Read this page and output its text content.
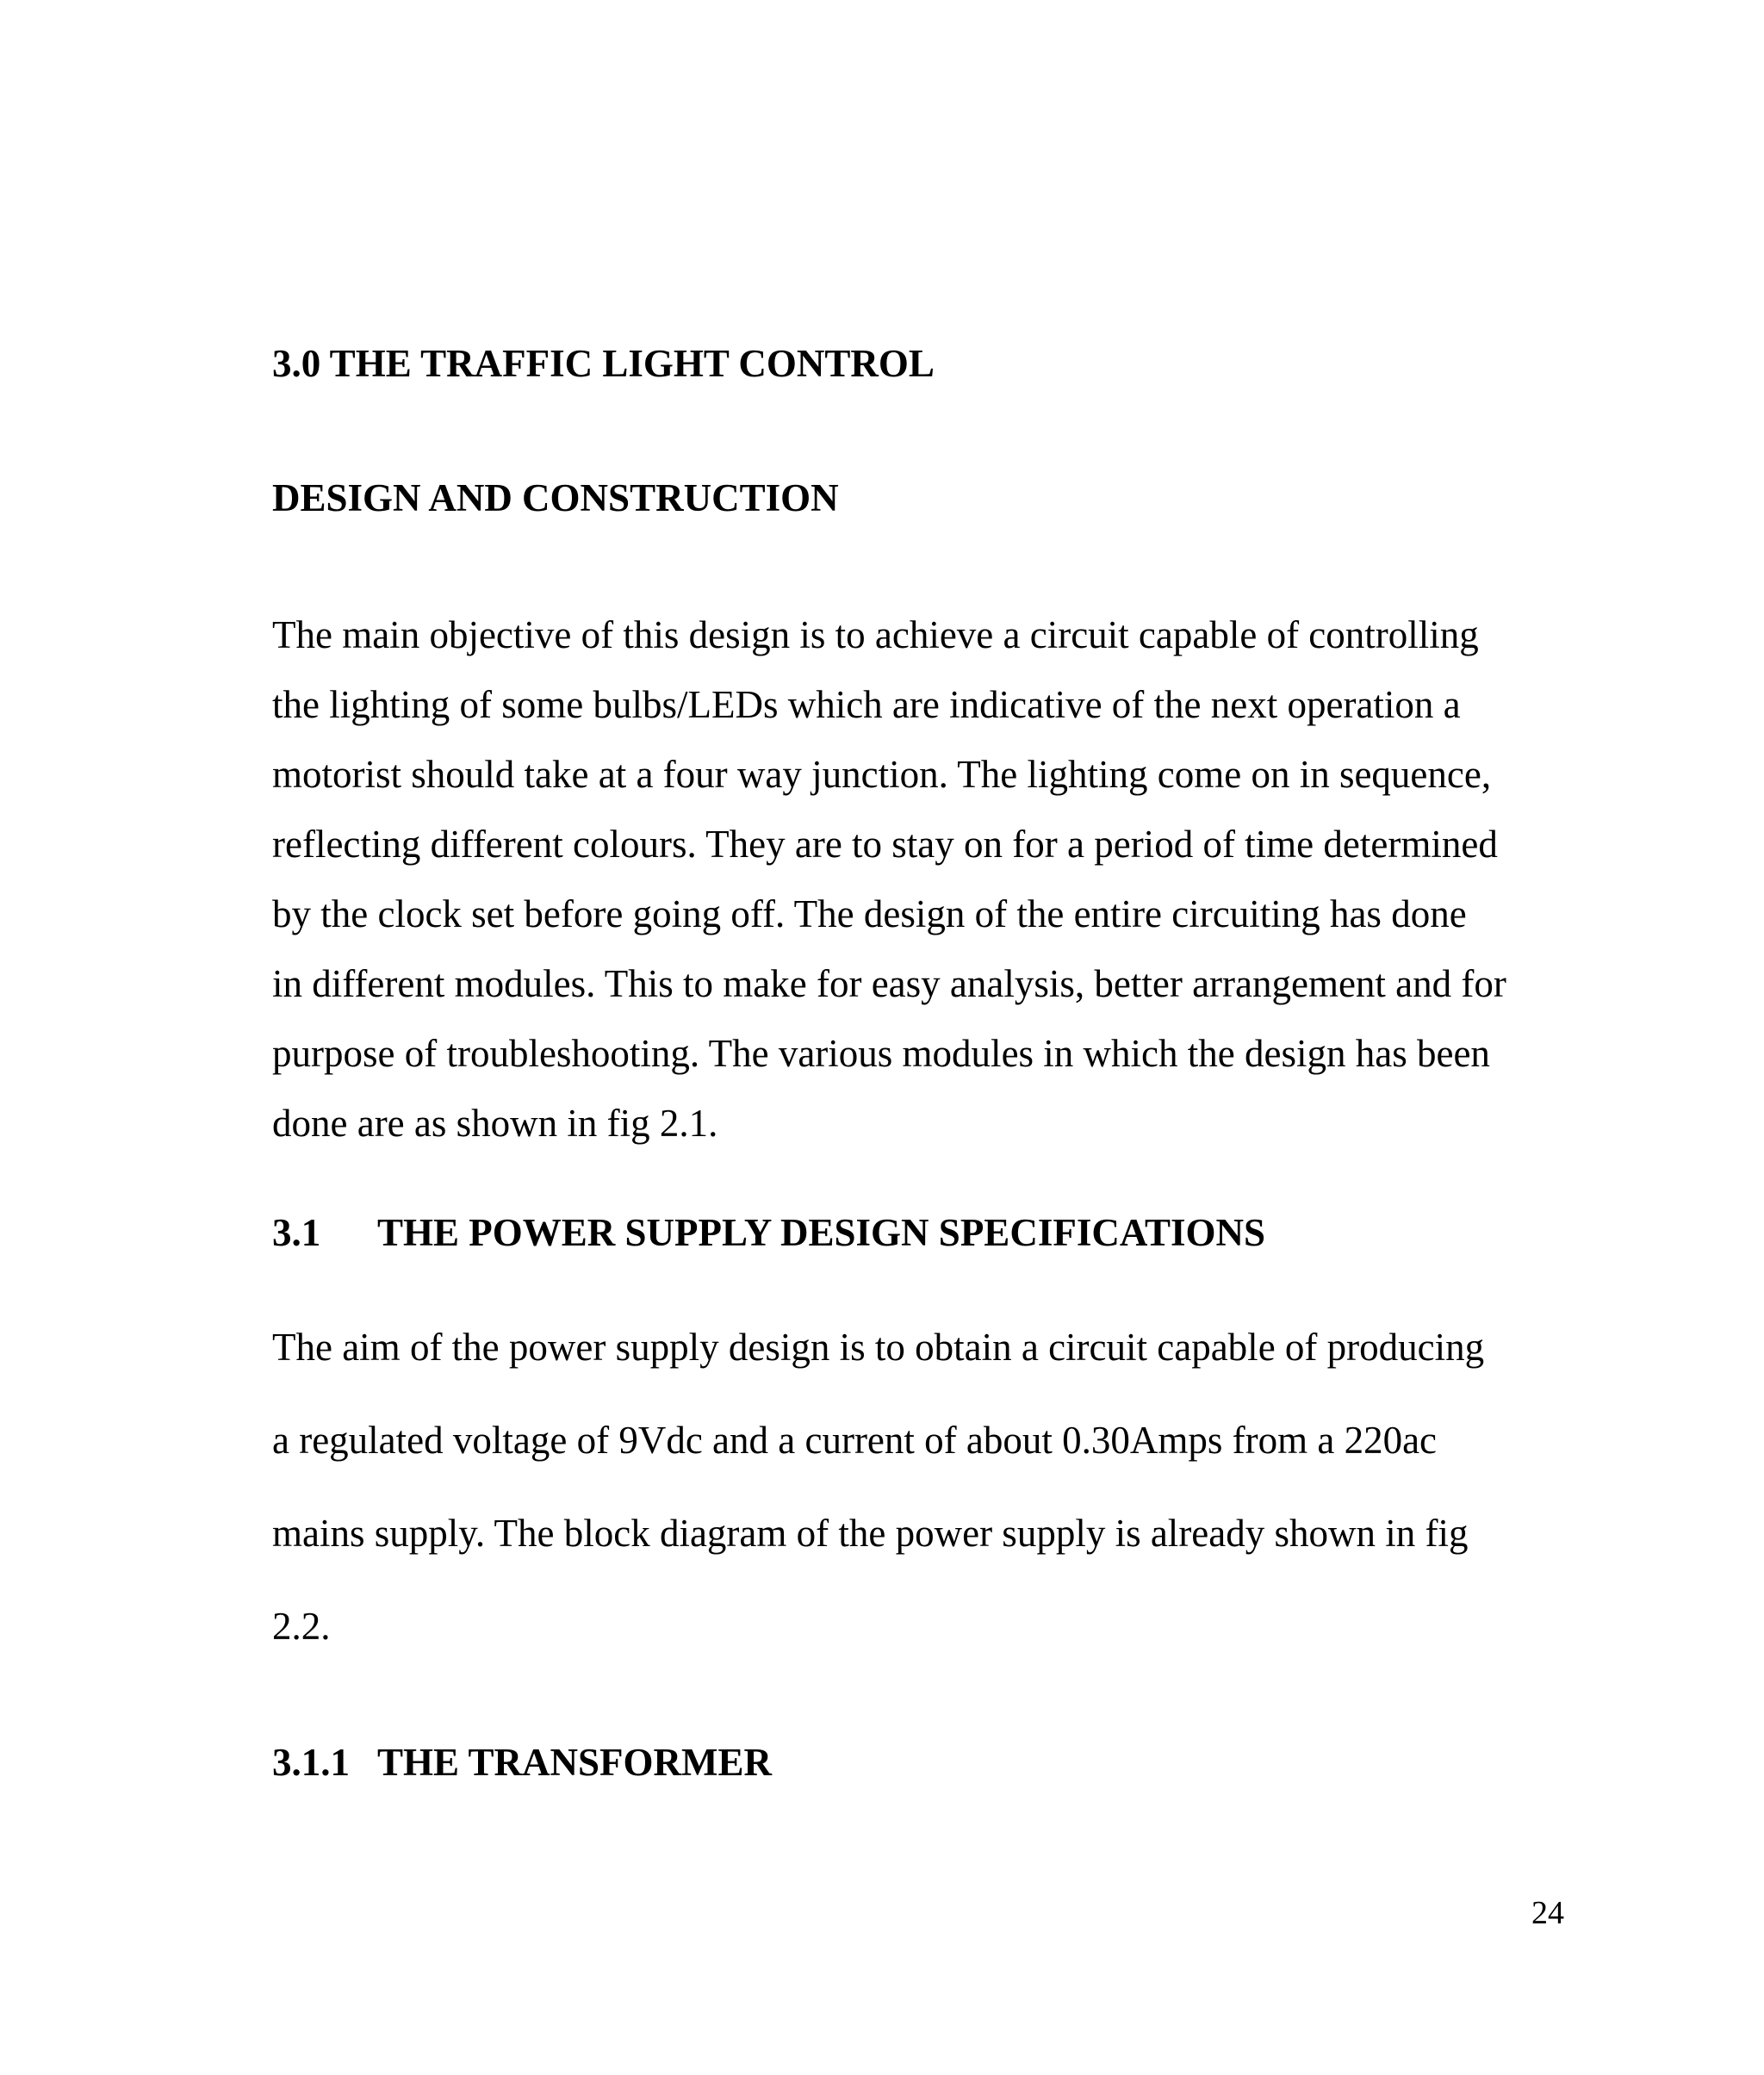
3.0 THE TRAFFIC LIGHT CONTROL
DESIGN AND CONSTRUCTION
The main objective of this design is to achieve a circuit capable of controlling
the lighting of some bulbs/LEDs which are indicative of the next operation a
motorist should take at a four way junction. The lighting come on in sequence,
reflecting different colours. They are to stay on for a period of time determined
by the clock set before going off. The design of the entire circuiting has done
in different modules. This to make for easy analysis, better arrangement and for
purpose of troubleshooting. The various modules in which the design has been
done are as shown in fig 2.1.
3.1 THE POWER SUPPLY DESIGN SPECIFICATIONS
The aim of the power supply design is to obtain a circuit capable of producing
a regulated voltage of 9Vdc and a current of about 0.30Amps from a 220ac
mains supply. The block diagram of the power supply is already shown in fig
2.2.
3.1.1 THE TRANSFORMER
24
